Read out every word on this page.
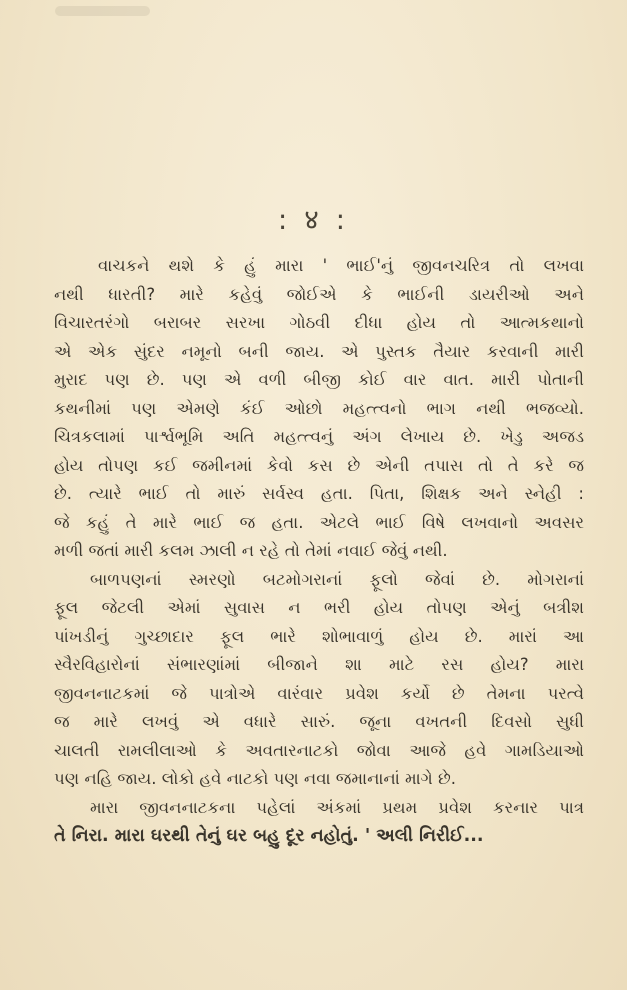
: ४ :
વાચકને થશે કે હું મારા ' ભાઈ'નું જીવનચરિત્ર તો લખવા
નથી ધારતી? મારે કહેવું જોઈએ કે ભાઈની ડાયરીઓ અને
વિચારતરંગો બરાબર સરખા ગોઠવી દીધા હોય તો આત્મકથાનો
એ એક સુંદર નમૂનો બની જાય. એ પુસ્તક તૈયાર કરવાની મારી
મુરાદ પણ છે. પણ એ વળી બીજી કોઈ વાર વાત. મારી પોતાની
કથનીમાં પણ એમણે કંઈ ઓછો મહત્ત્વનો ભાગ નથી ભજવ્યો.
ચિત્રકલામાં પાર્શ્વભૂમિ અતિ મહત્ત્વનું અંગ લેખાય છે. ખેડુ અજડ
હોય તોપણ કઈ જમીનમાં કેવો કસ છે એની તપાસ તો તે કરે જ
છે. ત્યારે ભાઈ તો મારું સર્વસ્વ હતા. પિતા, શિક્ષક અને સ્નેહી :
જે કહું તે મારે ભાઈ જ હતા. એટલે ભાઈ વિષે લખવાનો અવસર
મળી જતાં મારી કલમ ઝાલી ન રહે તો તેમાં નવાઈ જેવું નથી.
બાળપણનાં સ્મરણો બટમોગરાનાં ફૂલો જેવાં છે. મોગરાનાં
ફૂલ જેટલી એમાં સુવાસ ન ભરી હોય તોપણ એનું બત્રીશ
પાંખડીનું ગુચ્છાદાર ફૂલ ભારે શોભાવાળું હોય છે. મારાં આ
સ્વૈરવિહારોનાં સંભારણાંમાં બીજાને શા માટે રસ હોય? મારા
જીવનનાટકમાં જે પાત્રોએ વારંવાર પ્રવેશ કર્યો છે તેમના પરત્વે
જ મારે લખવું એ વધારે સારું. જૂના વખતની દિવસો સુધી
ચાલતી રામલીલાઓ કે અવતારનાટકો જોવા આજે હવે ગામડિયાઓ
પણ નહિ જાય. લોકો હવે નાટકો પણ નવા જમાનાનાં માગે છે.
મારા જીવનનાટકના પહેલાં અંકમાં પ્રથમ પ્રવેશ કરનાર પાત્ર
તે નિરા. મારા ઘરથી તેનું ઘર બહુ દૂર નહોતું. ' અલી નિરીઈ...
